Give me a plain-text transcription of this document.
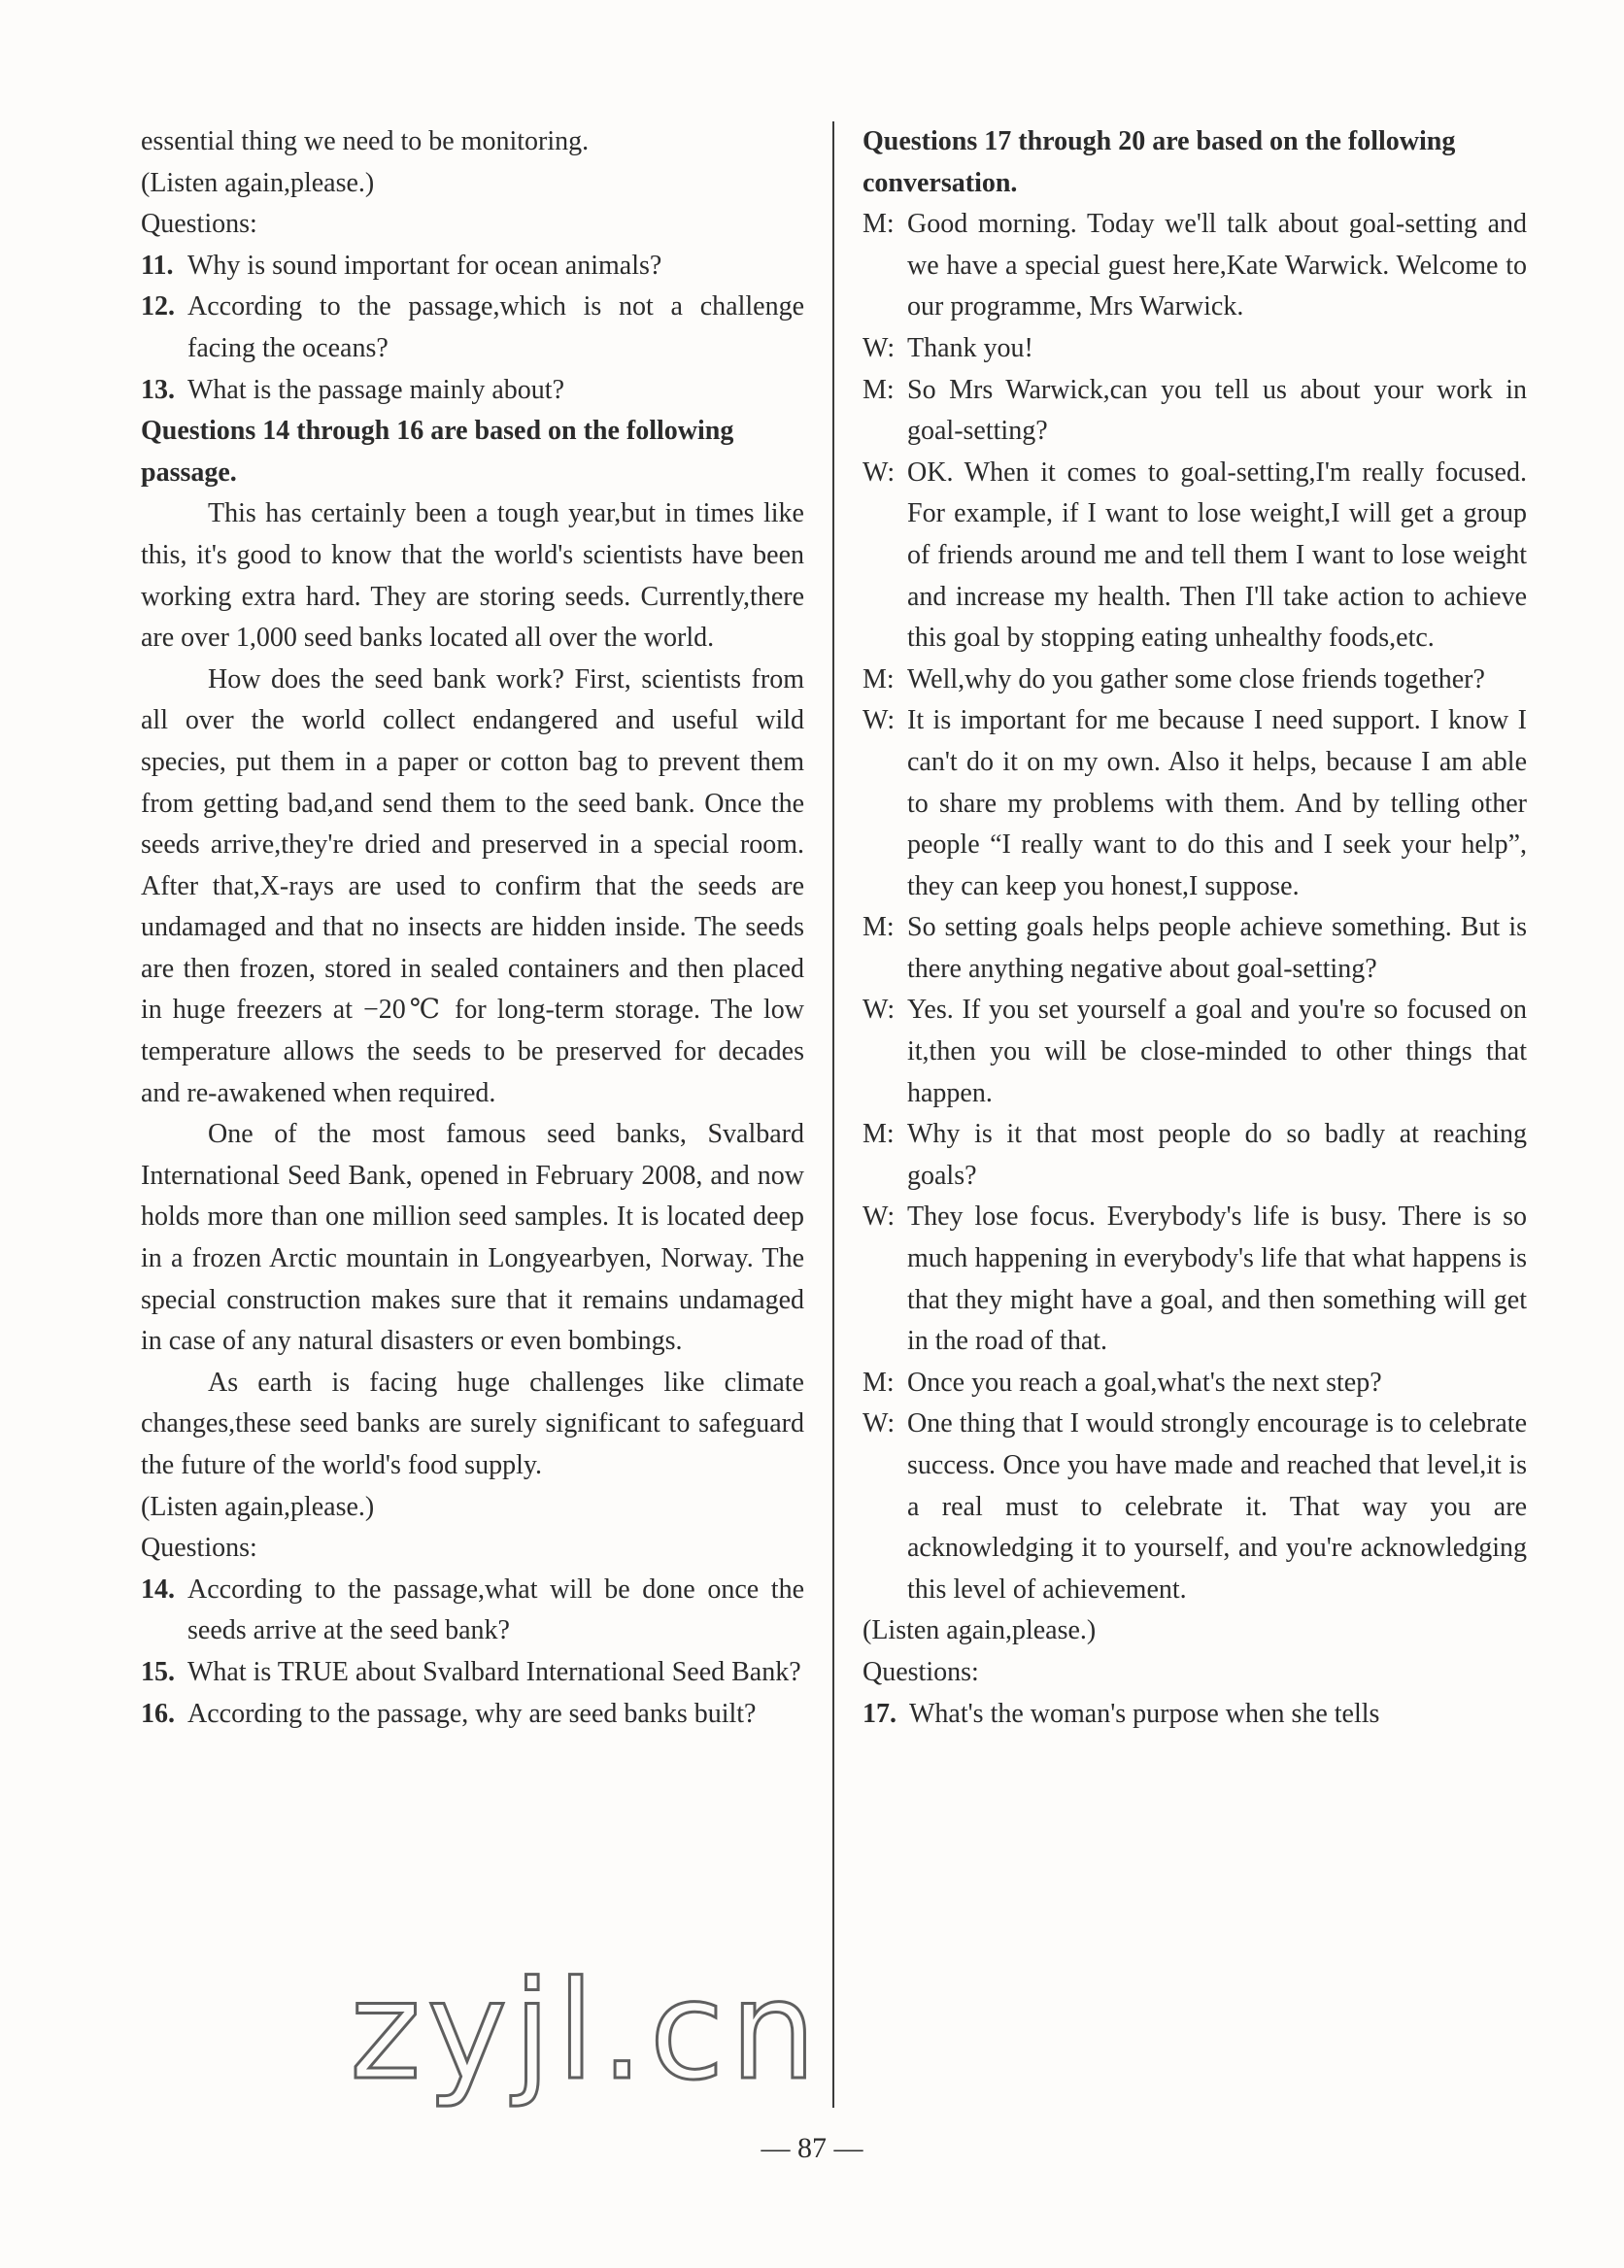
essential thing we need to be monitoring.

(Listen again,please.)

Questions:

11. Why is sound important for ocean animals?
12. According to the passage,which is not a challenge facing the oceans?
13. What is the passage mainly about?

Questions 14 through 16 are based on the following passage.

This has certainly been a tough year,but in times like this, it's good to know that the world's scientists have been working extra hard. They are storing seeds. Currently,there are over 1,000 seed banks located all over the world.

How does the seed bank work? First, scientists from all over the world collect endangered and useful wild species, put them in a paper or cotton bag to prevent them from getting bad,and send them to the seed bank. Once the seeds arrive,they're dried and preserved in a special room. After that,X-rays are used to confirm that the seeds are undamaged and that no insects are hidden inside. The seeds are then frozen, stored in sealed containers and then placed in huge freezers at −20℃ for long-term storage. The low temperature allows the seeds to be preserved for decades and re-awakened when required.

One of the most famous seed banks, Svalbard International Seed Bank, opened in February 2008, and now holds more than one million seed samples. It is located deep in a frozen Arctic mountain in Longyearbyen, Norway. The special construction makes sure that it remains undamaged in case of any natural disasters or even bombings.

As earth is facing huge challenges like climate changes,these seed banks are surely significant to safeguard the future of the world's food supply.

(Listen again,please.)

Questions:

14. According to the passage,what will be done once the seeds arrive at the seed bank?
15. What is TRUE about Svalbard International Seed Bank?
16. According to the passage, why are seed banks built?

Questions 17 through 20 are based on the following conversation.

M: Good morning. Today we'll talk about goal-setting and we have a special guest here,Kate Warwick. Welcome to our programme, Mrs Warwick.
W: Thank you!
M: So Mrs Warwick,can you tell us about your work in goal-setting?
W: OK. When it comes to goal-setting,I'm really focused. For example, if I want to lose weight,I will get a group of friends around me and tell them I want to lose weight and increase my health. Then I'll take action to achieve this goal by stopping eating unhealthy foods,etc.
M: Well,why do you gather some close friends together?
W: It is important for me because I need support. I know I can't do it on my own. Also it helps, because I am able to share my problems with them. And by telling other people “I really want to do this and I seek your help”, they can keep you honest,I suppose.
M: So setting goals helps people achieve something. But is there anything negative about goal-setting?
W: Yes. If you set yourself a goal and you're so focused on it,then you will be close-minded to other things that happen.
M: Why is it that most people do so badly at reaching goals?
W: They lose focus. Everybody's life is busy. There is so much happening in everybody's life that what happens is that they might have a goal, and then something will get in the road of that.
M: Once you reach a goal,what's the next step?
W: One thing that I would strongly encourage is to celebrate success. Once you have made and reached that level,it is a real must to celebrate it. That way you are acknowledging it to yourself, and you're acknowledging this level of achievement.

(Listen again,please.)

Questions:

17. What's the woman's purpose when she tells
zyjl.cn
— 87 —
